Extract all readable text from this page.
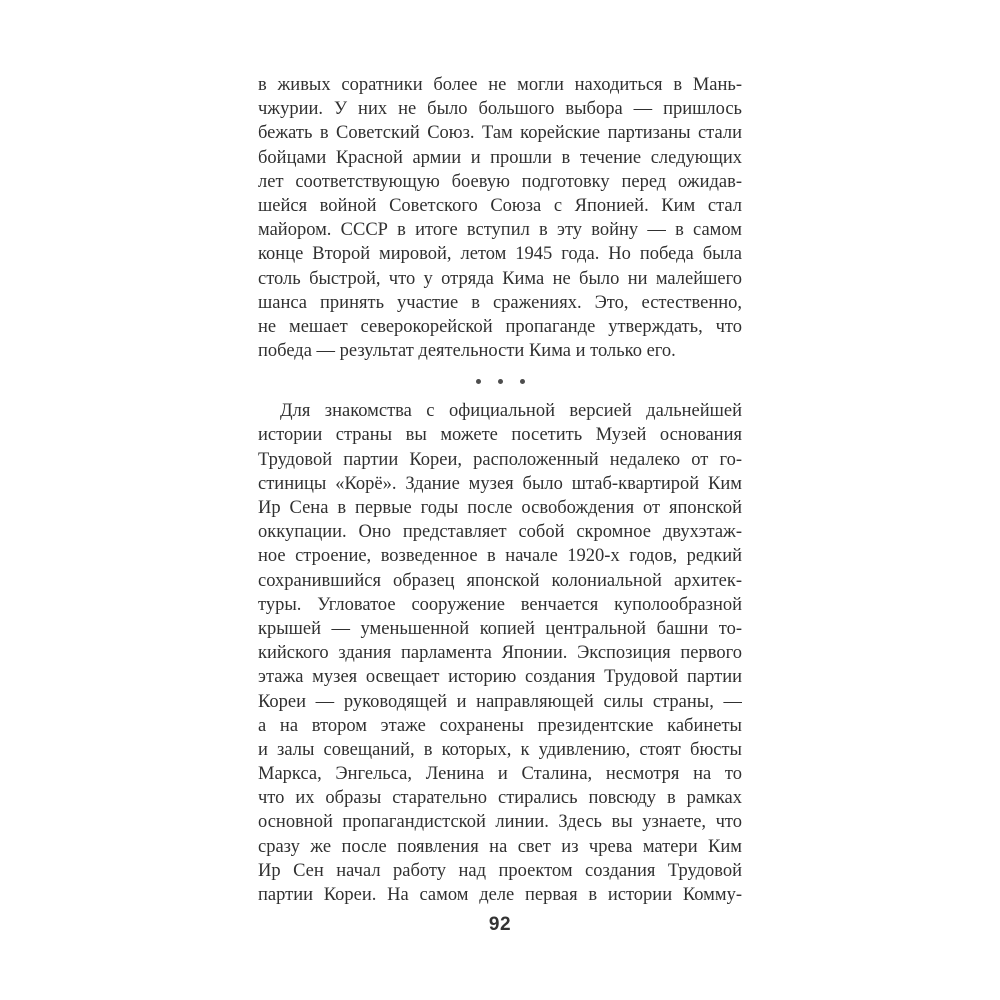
в живых соратники более не могли находиться в Мань-
чжурии. У них не было большого выбора — пришлось
бежать в Советский Союз. Там корейские партизаны стали
бойцами Красной армии и прошли в течение следующих
лет соответствующую боевую подготовку перед ожидав-
шейся войной Советского Союза с Японией. Ким стал
майором. СССР в итоге вступил в эту войну — в самом
конце Второй мировой, летом 1945 года. Но победа была
столь быстрой, что у отряда Кима не было ни малейшего
шанса принять участие в сражениях. Это, естественно,
не мешает северокорейской пропаганде утверждать, что
победа — результат деятельности Кима и только его.
Для знакомства с официальной версией дальнейшей
истории страны вы можете посетить Музей основания
Трудовой партии Кореи, расположенный недалеко от го-
стиницы «Корё». Здание музея было штаб-квартирой Ким
Ир Сена в первые годы после освобождения от японской
оккупации. Оно представляет собой скромное двухэтаж-
ное строение, возведенное в начале 1920-х годов, редкий
сохранившийся образец японской колониальной архитек-
туры. Угловатое сооружение венчается куполообразной
крышей — уменьшенной копией центральной башни то-
кийского здания парламента Японии. Экспозиция первого
этажа музея освещает историю создания Трудовой партии
Кореи — руководящей и направляющей силы страны, —
а на втором этаже сохранены президентские кабинеты
и залы совещаний, в которых, к удивлению, стоят бюсты
Маркса, Энгельса, Ленина и Сталина, несмотря на то
что их образы старательно стирались повсюду в рамках
основной пропагандистской линии. Здесь вы узнаете, что
сразу же после появления на свет из чрева матери Ким
Ир Сен начал работу над проектом создания Трудовой
партии Кореи. На самом деле первая в истории Комму-
92
